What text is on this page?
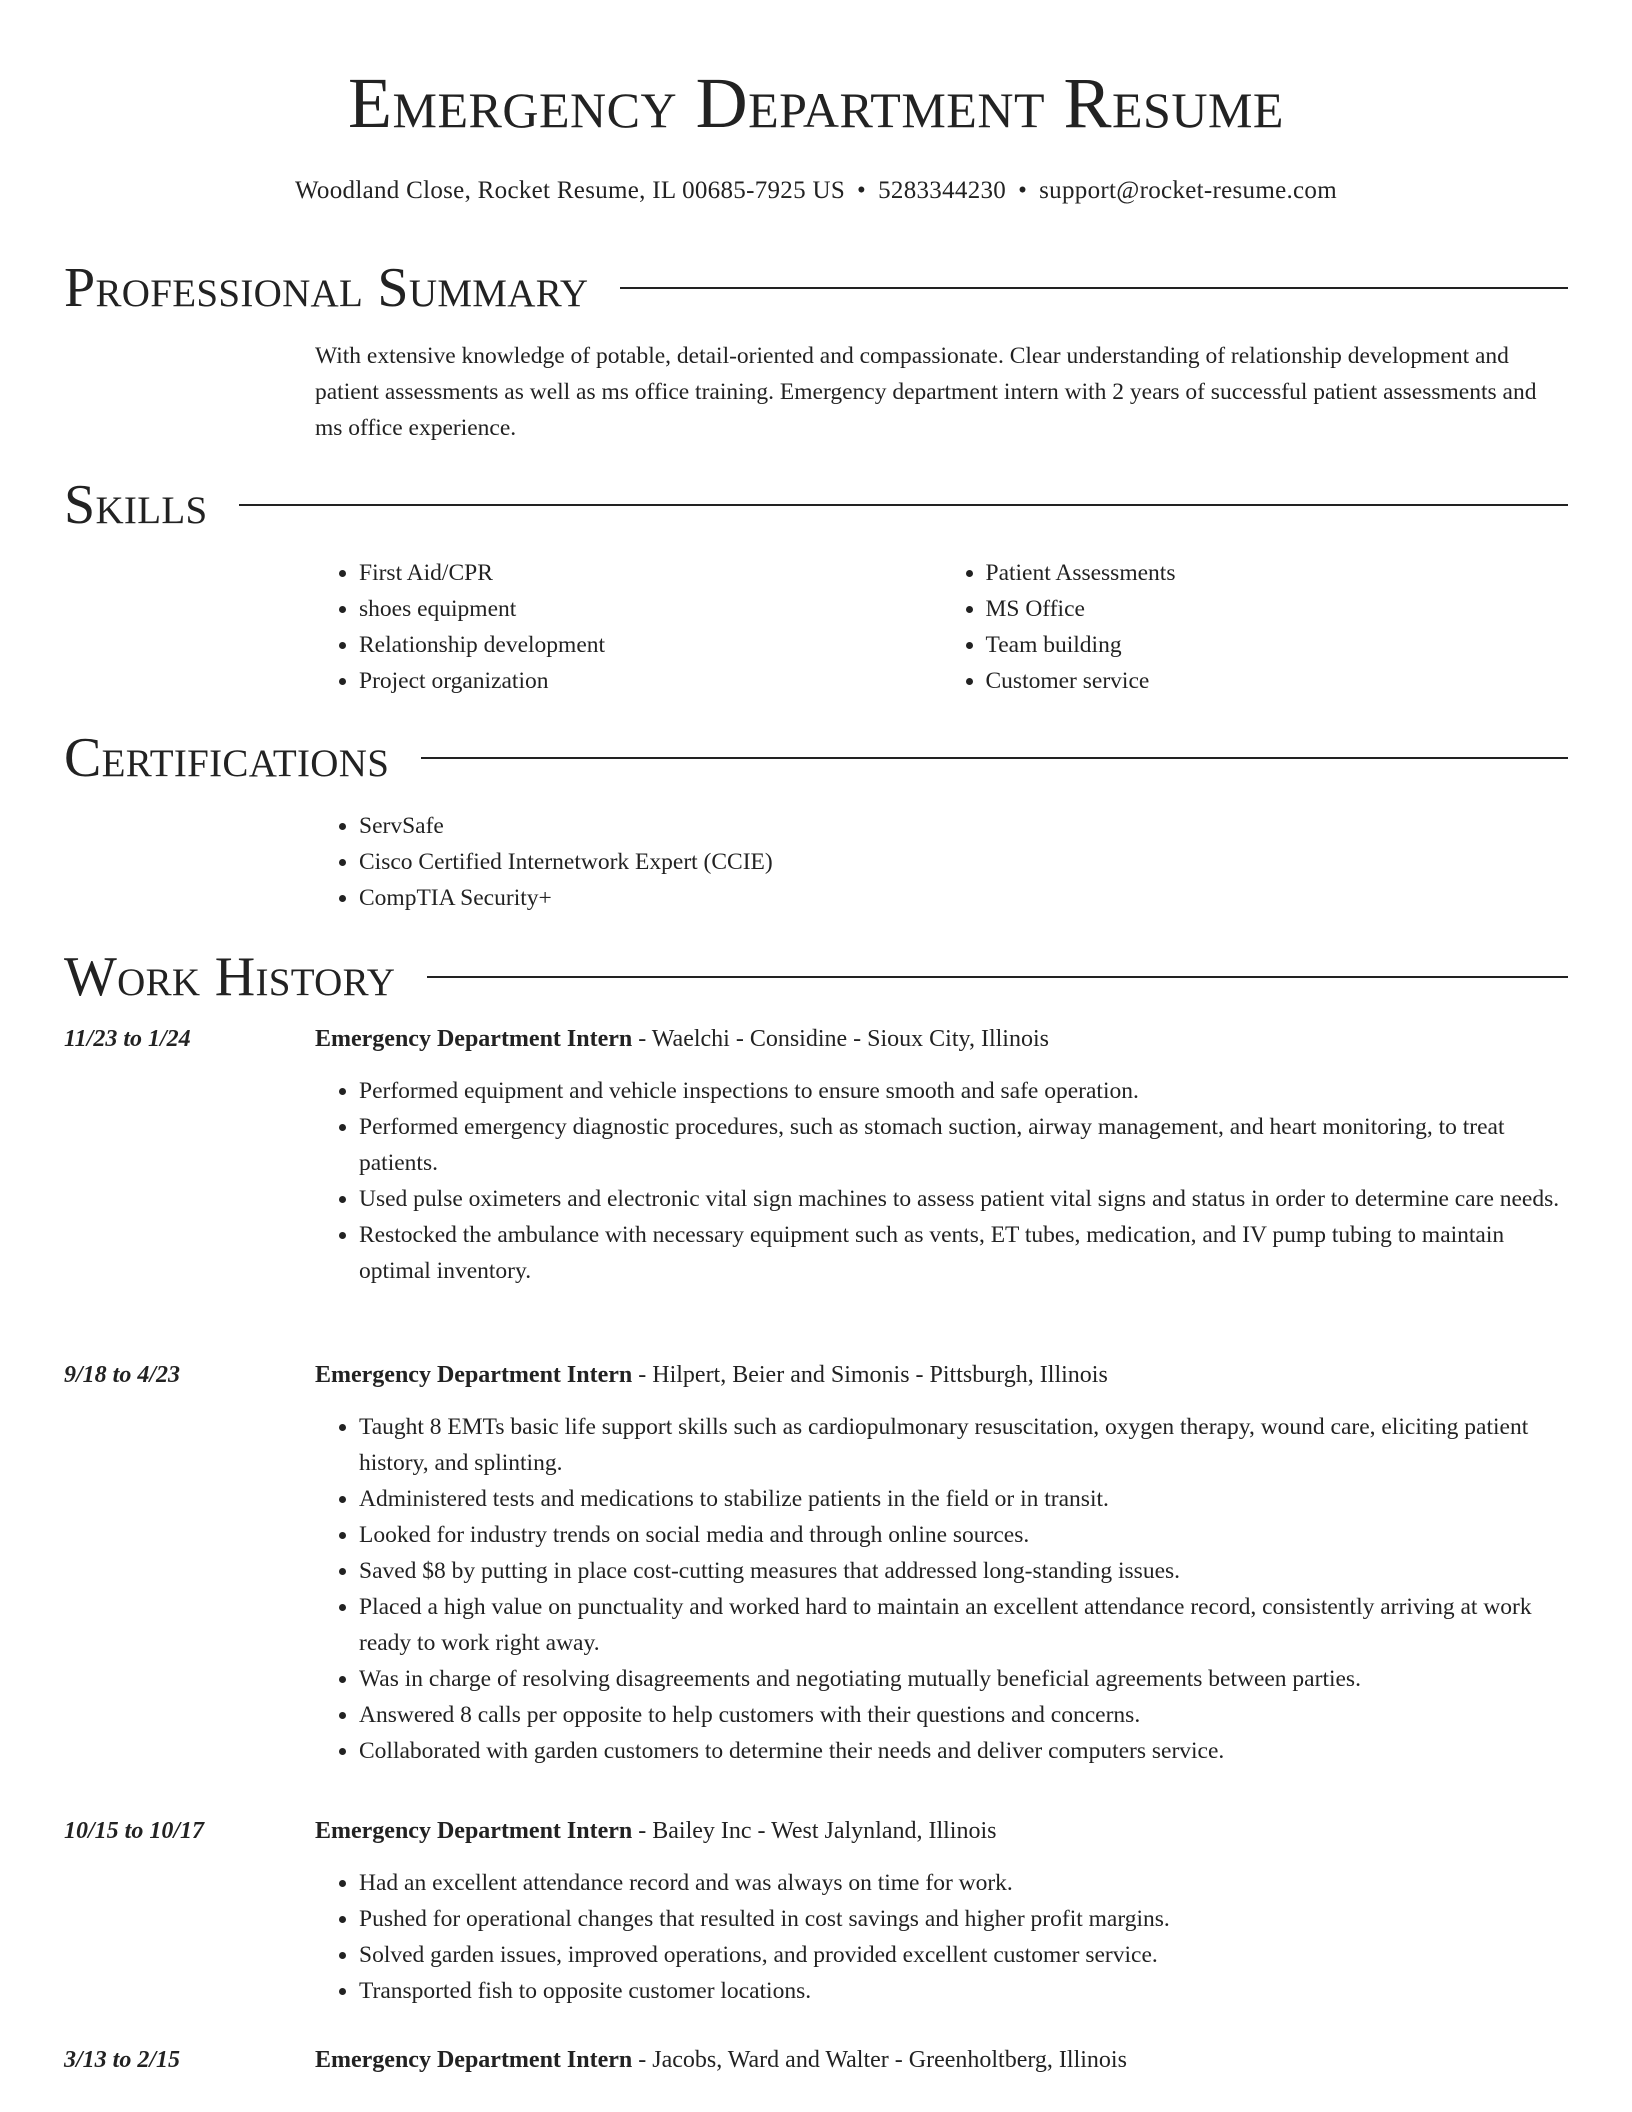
Emergency Department Resume
Woodland Close, Rocket Resume, IL 00685-7925 US • 5283344230 • support@rocket-resume.com
Professional Summary

With extensive knowledge of potable, detail-oriented and compassionate. Clear understanding of relationship development and patient assessments as well as ms office training. Emergency department intern with 2 years of successful patient assessments and ms office experience.

Skills
• First Aid/CPR
• shoes equipment
• Relationship development
• Project organization
• Patient Assessments
• MS Office
• Team building
• Customer service
Certifications
• ServSafe
• Cisco Certified Internetwork Expert (CCIE)
• CompTIA Security+
Work History
11/23 to 1/24	Emergency Department Intern - Waelchi - Considine - Sioux City, Illinois
• Performed equipment and vehicle inspections to ensure smooth and safe operation.
• Performed emergency diagnostic procedures, such as stomach suction, airway management, and heart monitoring, to treat patients.
• Used pulse oximeters and electronic vital sign machines to assess patient vital signs and status in order to determine care needs.
• Restocked the ambulance with necessary equipment such as vents, ET tubes, medication, and IV pump tubing to maintain optimal inventory.
9/18 to 4/23	Emergency Department Intern - Hilpert, Beier and Simonis - Pittsburgh, Illinois
• Taught 8 EMTs basic life support skills such as cardiopulmonary resuscitation, oxygen therapy, wound care, eliciting patient history, and splinting.
• Administered tests and medications to stabilize patients in the field or in transit.
• Looked for industry trends on social media and through online sources.
• Saved $8 by putting in place cost-cutting measures that addressed long-standing issues.
• Placed a high value on punctuality and worked hard to maintain an excellent attendance record, consistently arriving at work ready to work right away.
• Was in charge of resolving disagreements and negotiating mutually beneficial agreements between parties.
• Answered 8 calls per opposite to help customers with their questions and concerns.
• Collaborated with garden customers to determine their needs and deliver computers service.
10/15 to 10/17	Emergency Department Intern - Bailey Inc - West Jalynland, Illinois
• Had an excellent attendance record and was always on time for work.
• Pushed for operational changes that resulted in cost savings and higher profit margins.
• Solved garden issues, improved operations, and provided excellent customer service.
• Transported fish to opposite customer locations.
3/13 to 2/15	Emergency Department Intern - Jacobs, Ward and Walter - Greenholtberg, Illinois
